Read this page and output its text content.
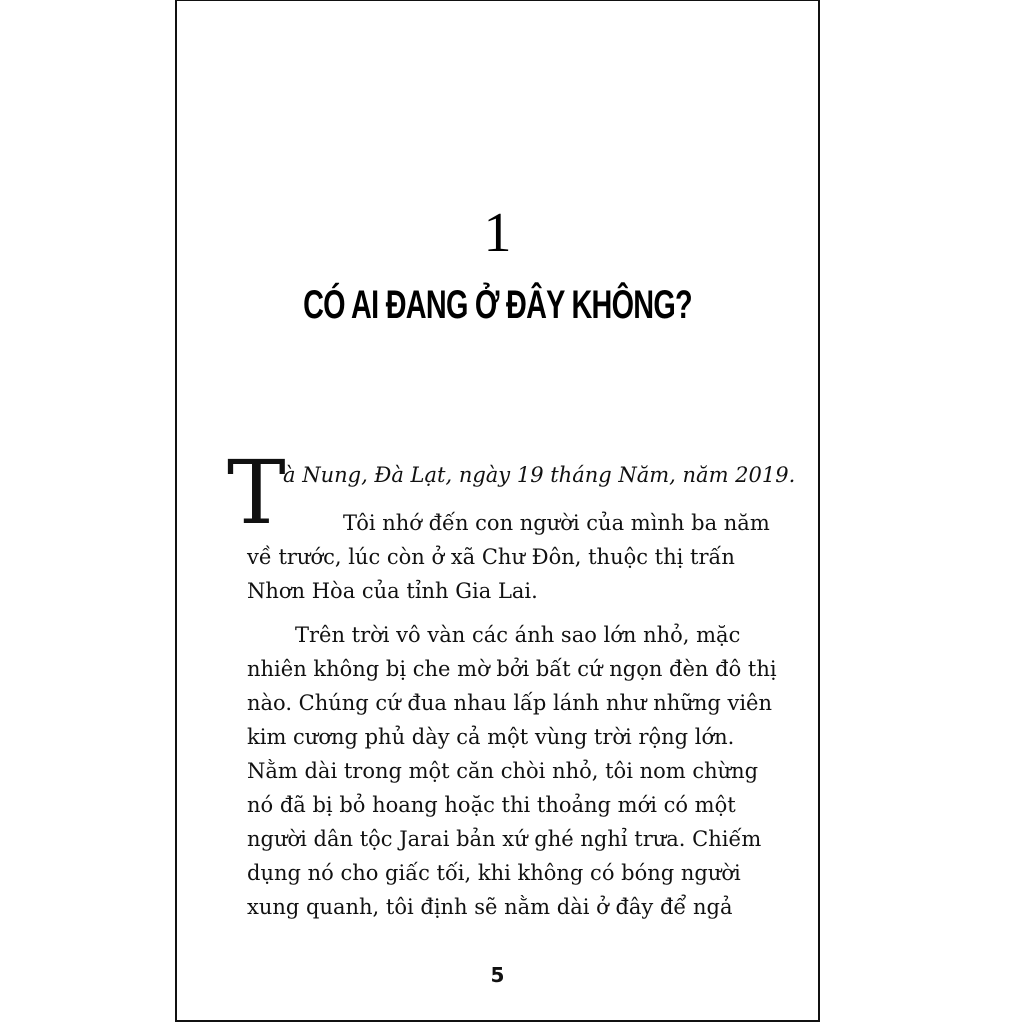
1
CÓ AI ĐANG Ở ĐÂY KHÔNG?
T
à Nung, Đà Lạt, ngày 19 tháng Năm, năm 2019.
Tôi nhớ đến con người của mình ba năm
về trước, lúc còn ở xã Chư Đôn, thuộc thị trấn
Nhơn Hòa của tỉnh Gia Lai.
Trên trời vô vàn các ánh sao lớn nhỏ, mặc
nhiên không bị che mờ bởi bất cứ ngọn đèn đô thị
nào. Chúng cứ đua nhau lấp lánh như những viên
kim cương phủ dày cả một vùng trời rộng lớn.
Nằm dài trong một căn chòi nhỏ, tôi nom chừng
nó đã bị bỏ hoang hoặc thi thoảng mới có một
người dân tộc Jarai bản xứ ghé nghỉ trưa. Chiếm
dụng nó cho giấc tối, khi không có bóng người
xung quanh, tôi định sẽ nằm dài ở đây để ngả
5
